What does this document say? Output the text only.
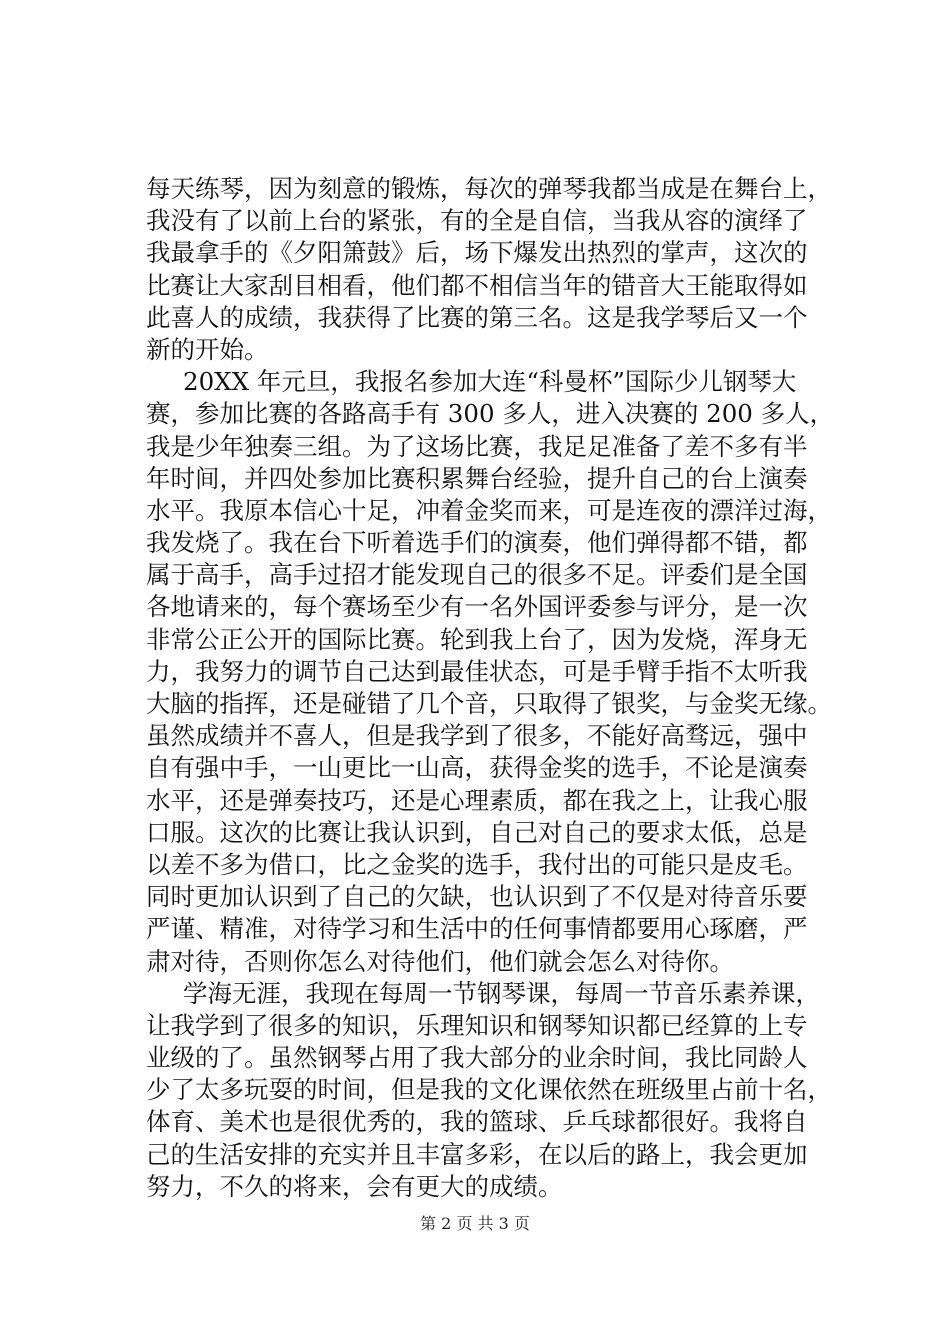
每天练琴，因为刻意的锻炼，每次的弹琴我都当成是在舞台上，
我没有了以前上台的紧张，有的全是自信，当我从容的演绎了
我最拿手的《夕阳箫鼓》后，场下爆发出热烈的掌声，这次的
比赛让大家刮目相看，他们都不相信当年的错音大王能取得如
此喜人的成绩，我获得了比赛的第三名。这是我学琴后又一个
新的开始。
20XX 年元旦，我报名参加大连“科曼杯”国际少儿钢琴大
赛，参加比赛的各路高手有 300 多人，进入决赛的 200 多人，
我是少年独奏三组。为了这场比赛，我足足准备了差不多有半
年时间，并四处参加比赛积累舞台经验，提升自己的台上演奏
水平。我原本信心十足，冲着金奖而来，可是连夜的漂洋过海，
我发烧了。我在台下听着选手们的演奏，他们弹得都不错，都
属于高手，高手过招才能发现自己的很多不足。评委们是全国
各地请来的，每个赛场至少有一名外国评委参与评分，是一次
非常公正公开的国际比赛。轮到我上台了，因为发烧，浑身无
力，我努力的调节自己达到最佳状态，可是手臂手指不太听我
大脑的指挥，还是碰错了几个音，只取得了银奖，与金奖无缘。
虽然成绩并不喜人，但是我学到了很多，不能好高骛远，强中
自有强中手，一山更比一山高，获得金奖的选手，不论是演奏
水平，还是弹奏技巧，还是心理素质，都在我之上，让我心服
口服。这次的比赛让我认识到，自己对自己的要求太低，总是
以差不多为借口，比之金奖的选手，我付出的可能只是皮毛。
同时更加认识到了自己的欠缺，也认识到了不仅是对待音乐要
严谨、精准，对待学习和生活中的任何事情都要用心琢磨，严
肃对待，否则你怎么对待他们，他们就会怎么对待你。
学海无涯，我现在每周一节钢琴课，每周一节音乐素养课，
让我学到了很多的知识，乐理知识和钢琴知识都已经算的上专
业级的了。虽然钢琴占用了我大部分的业余时间，我比同龄人
少了太多玩耍的时间，但是我的文化课依然在班级里占前十名，
体育、美术也是很优秀的，我的篮球、乒乓球都很好。我将自
己的生活安排的充实并且丰富多彩，在以后的路上，我会更加
努力，不久的将来，会有更大的成绩。
第 2 页 共 3 页
